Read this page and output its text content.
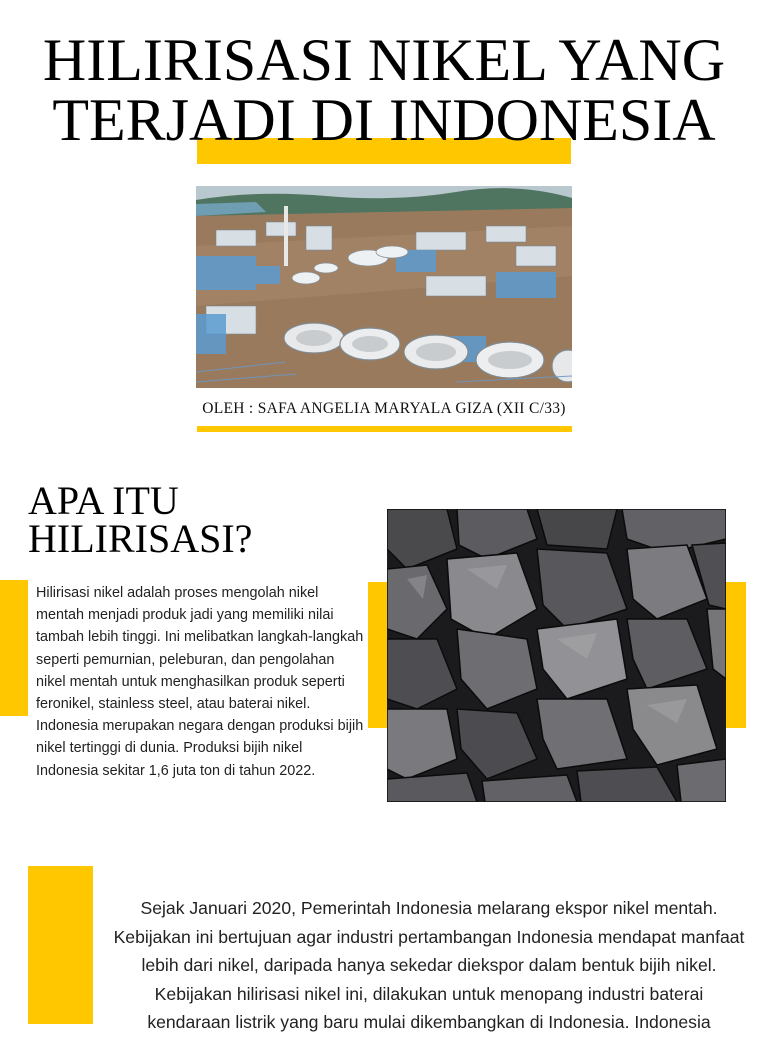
HILIRISASI NIKEL YANG
TERJADI DI INDONESIA
OLEH : SAFA ANGELIA MARYALA GIZA (XII C/33)
APA ITU
HILIRISASI?

Hilirisasi nikel adalah proses mengolah nikel mentah menjadi produk jadi yang memiliki nilai tambah lebih tinggi. Ini melibatkan langkah-langkah seperti pemurnian, peleburan, dan pengolahan nikel mentah untuk menghasilkan produk seperti feronikel, stainless steel, atau baterai nikel. Indonesia merupakan negara dengan produksi bijih nikel tertinggi di dunia. Produksi bijih nikel Indonesia sekitar 1,6 juta ton di tahun 2022.

Sejak Januari 2020, Pemerintah Indonesia melarang ekspor nikel mentah. Kebijakan ini bertujuan agar industri pertambangan Indonesia mendapat manfaat lebih dari nikel, daripada hanya sekedar diekspor dalam bentuk bijih nikel. Kebijakan hilirisasi nikel ini, dilakukan untuk menopang industri baterai kendaraan listrik yang baru mulai dikembangkan di Indonesia. Indonesia
